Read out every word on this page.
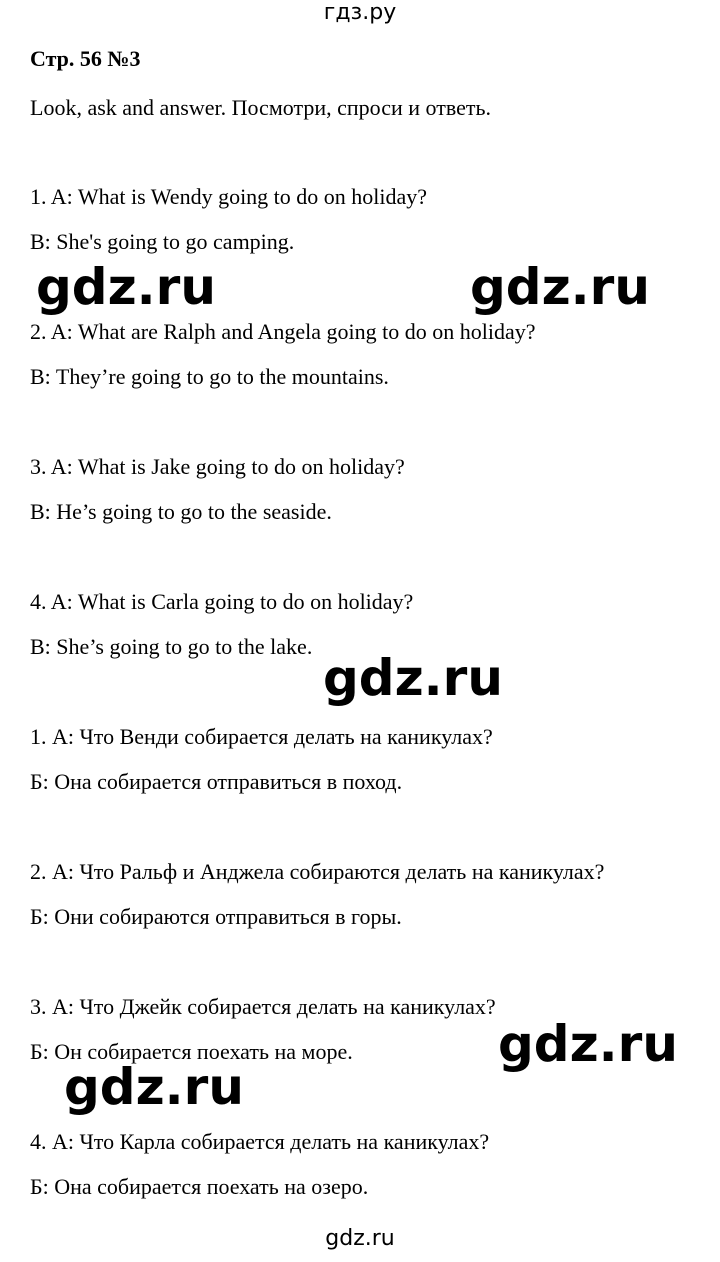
гдз.ру
Стр. 56 №3
Look, ask and answer. Посмотри, спроси и ответь.
1. A: What is Wendy going to do on holiday?
B: She's going to go camping.
2. A: What are Ralph and Angela going to do on holiday?
B: They’re going to go to the mountains.
3. A: What is Jake going to do on holiday?
B: He’s going to go to the seaside.
4. A: What is Carla going to do on holiday?
B: She’s going to go to the lake.
1. А: Что Венди собирается делать на каникулах?
Б: Она собирается отправиться в поход.
2. А: Что Ральф и Анджела собираются делать на каникулах?
Б: Они собираются отправиться в горы.
3. А: Что Джейк собирается делать на каникулах?
Б: Он собирается поехать на море.
4. А: Что Карла собирается делать на каникулах?
Б: Она собирается поехать на озеро.
gdz.ru	gdz.ru
gdz.ru
gdz.ru
gdz.ru
gdz.ru
